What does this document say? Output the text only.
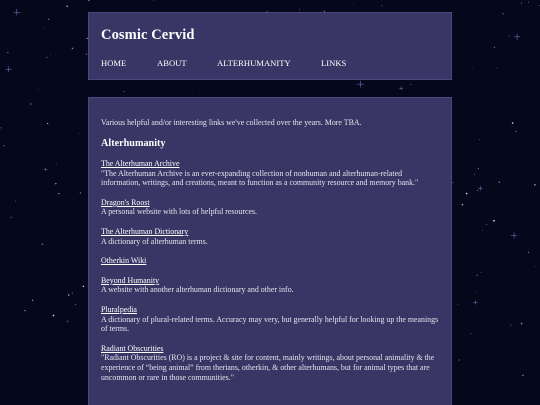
Cosmic Cervid
HOME	ABOUT	ALTERHUMANITY	LINKS

Various helpful and/or interesting links we've collected over the years. More TBA.

Alterhumanity
The Alterhuman Archive
"The Alterhuman Archive is an ever-expanding collection of nonhuman and alterhuman-related information, writings, and creations, meant to function as a community resource and memory bank."
Dragon's Roost
A personal website with lots of helpful resources.
The Alterhuman Dictionary
A dictionary of alterhuman terms.
Otherkin Wiki
Beyond Humanity
A website with another alterhuman dictionary and other info.
Pluralpedia
A dictionary of plural-related terms. Accuracy may very, but generally helpful for looking up the meanings of terms.
Radiant Obscurities
"Radiant Obscurities (RO) is a project & site for content, mainly writings, about personal animality & the experience of “being animal” from therians, otherkin, & other alterhumans, but for animal types that are uncommon or rare in those communities."
